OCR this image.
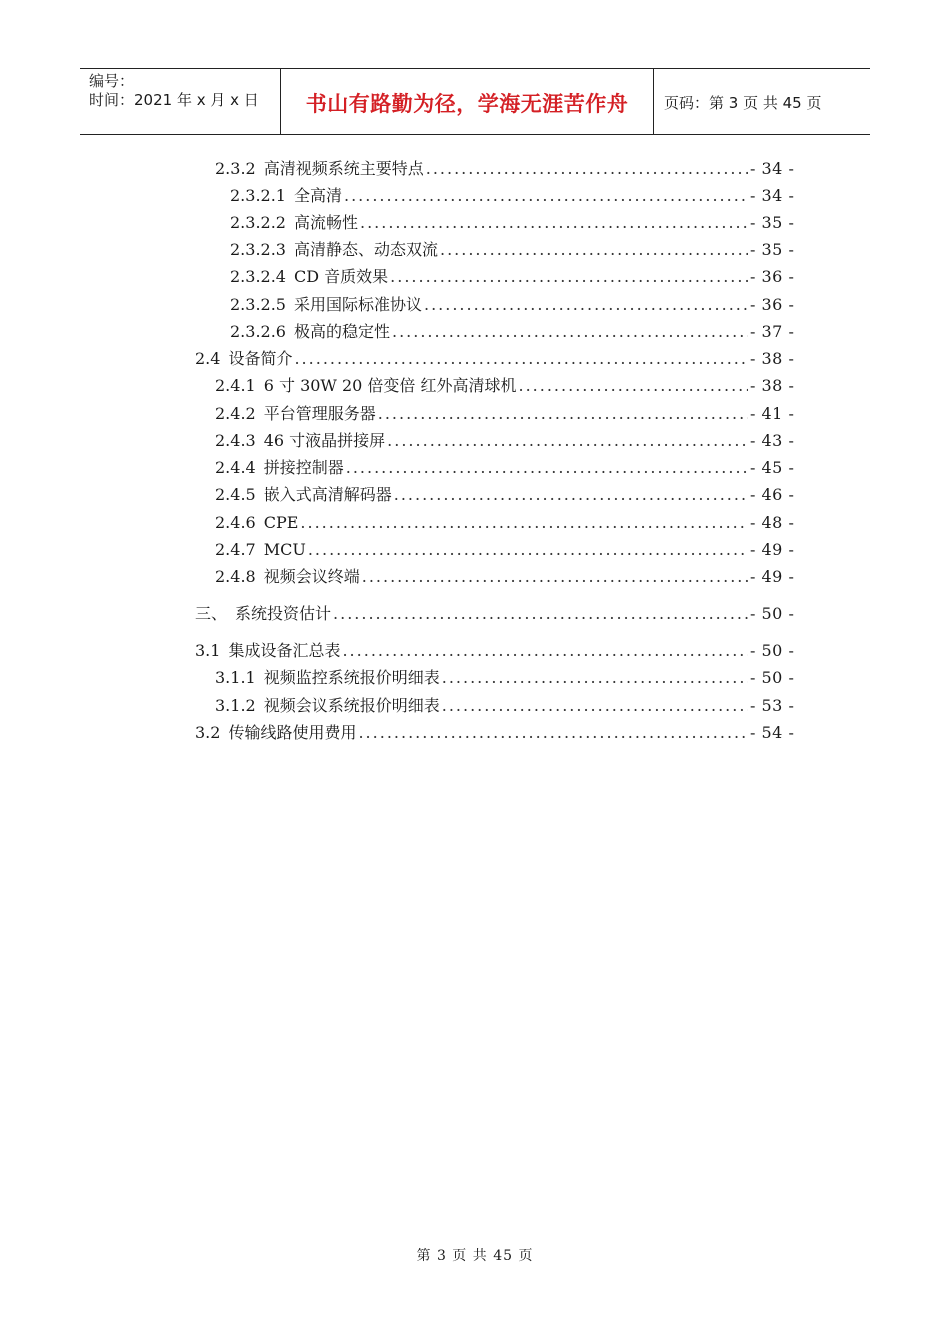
编号：
时间：2021 年 x 月 x 日	书山有路勤为径，学海无涯苦作舟	页码：第 3 页 共 45 页
2.3.2 高清视频系统主要特点 .....	- 34 -
2.3.2.1 全高清 .....	- 34 -
2.3.2.2 高流畅性 .....	- 35 -
2.3.2.3 高清静态、动态双流 .....	- 35 -
2.3.2.4 CD 音质效果 .....	- 36 -
2.3.2.5 采用国际标准协议 .....	- 36 -
2.3.2.6 极高的稳定性 .....	- 37 -
2.4 设备简介 .....	- 38 -
2.4.1 6 寸 30W 20 倍变倍 红外高清球机 .....	- 38 -
2.4.2 平台管理服务器 .....	- 41 -
2.4.3 46 寸液晶拼接屏 .....	- 43 -
2.4.4 拼接控制器 .....	- 45 -
2.4.5 嵌入式高清解码器 .....	- 46 -
2.4.6 CPE .....	- 48 -
2.4.7 MCU .....	- 49 -
2.4.8 视频会议终端 .....	- 49 -
三、 系统投资估计 .....	- 50 -
3.1 集成设备汇总表 .....	- 50 -
3.1.1 视频监控系统报价明细表 .....	- 50 -
3.1.2 视频会议系统报价明细表 .....	- 53 -
3.2 传输线路使用费用 .....	- 54 -
第 3 页 共 45 页
